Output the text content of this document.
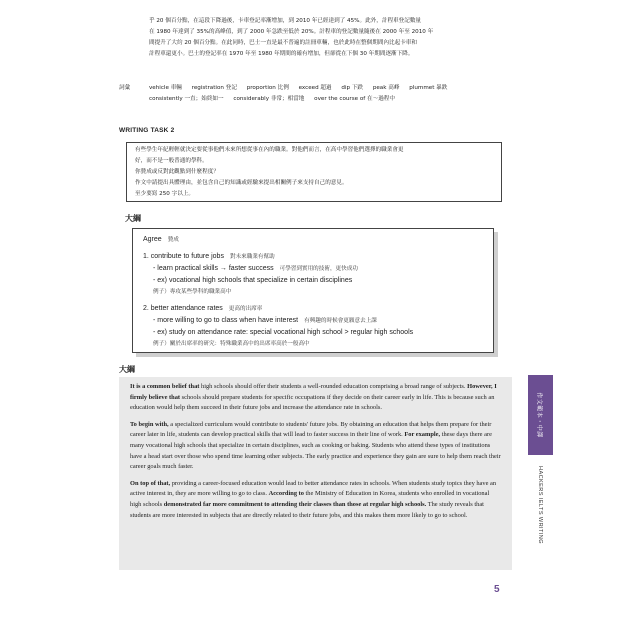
乎 20 個百分點，在這段下降過後，卡車登記率漸增加，到 2010 年已經達到了 45%。此外，計程車登記數量

在 1980 年達到了 35%的高峰值，到了 2000 年急跌至低於 20%。計程車的登記數量隨後在 2000 年至 2010 年

間提升了大約 20 個百分點。在此同時，巴士一直是最不普遍的註冊車輛，也於此時在整個期間內比起卡車和

計程車還更小。巴士的登記率在 1970 年至 1980 年期間的確有增加，但卻從在下個 30 年期間逐漸下降。

詞彙	vehicle 車輛 registration 登記 proportion 比例 exceed 超過 dip 下跌 peak 高峰 plummet 暴跌
consistently 一直；始終如一 considerably 非常；相當地 over the course of 在～過程中
WRITING TASK 2

有些學生年紀輕輕就決定要從事他們未來所想從事在內的職業。對他們而言，在高中學習他們選擇的職業會更

好，而不是一般普通的學科。

你贊成或反對此觀點到什麼程度？

作文中請提出具體理由，並包含自己的知識或經驗來提出相關例子來支持自己的意見。

至少要寫 250 字以上。

大綱

Agree 贊成

1. contribute to future jobs 對未來職業有幫助

- learn practical skills → faster success 可學習到實用的技術，更快成功

- ex) vocational high schools that specialize in certain disciplines

例子）專攻某些學科的職業高中

2. better attendance rates 更高的出席率

- more willing to go to class when have interest 有興趣的時候會更願意去上課

- ex) study on attendance rate: special vocational high school > regular high schools

例子）關於出席率的研究：特殊職業高中的出席率高於一般高中

大綱

It is a common belief that high schools should offer their students a well-rounded education comprising a broad range of subjects. However, I firmly believe that schools should prepare students for specific occupations if they decide on their career early in life. This is because such an education would help them succeed in their future jobs and increase the attendance rate in schools.

To begin with, a specialized curriculum would contribute to students' future jobs. By obtaining an education that helps them prepare for their career later in life, students can develop practical skills that will lead to faster success in their line of work. For example, these days there are many vocational high schools that specialize in certain disciplines, such as cooking or baking. Students who attend these types of institutions have a head start over those who spend time learning other subjects. The early practice and experience they gain are sure to help them reach their career goals much faster.

On top of that, providing a career-focused education would lead to better attendance rates in schools. When students study topics they have an active interest in, they are more willing to go to class. According to the Ministry of Education in Korea, students who enrolled in vocational high schools demonstrated far more commitment to attending their classes than those at regular high schools. The study reveals that students are more interested in subjects that are directly related to their future jobs, and this makes them more likely to go to school.

作文範本・中譯
HACKERS IELTS WRITING
5
